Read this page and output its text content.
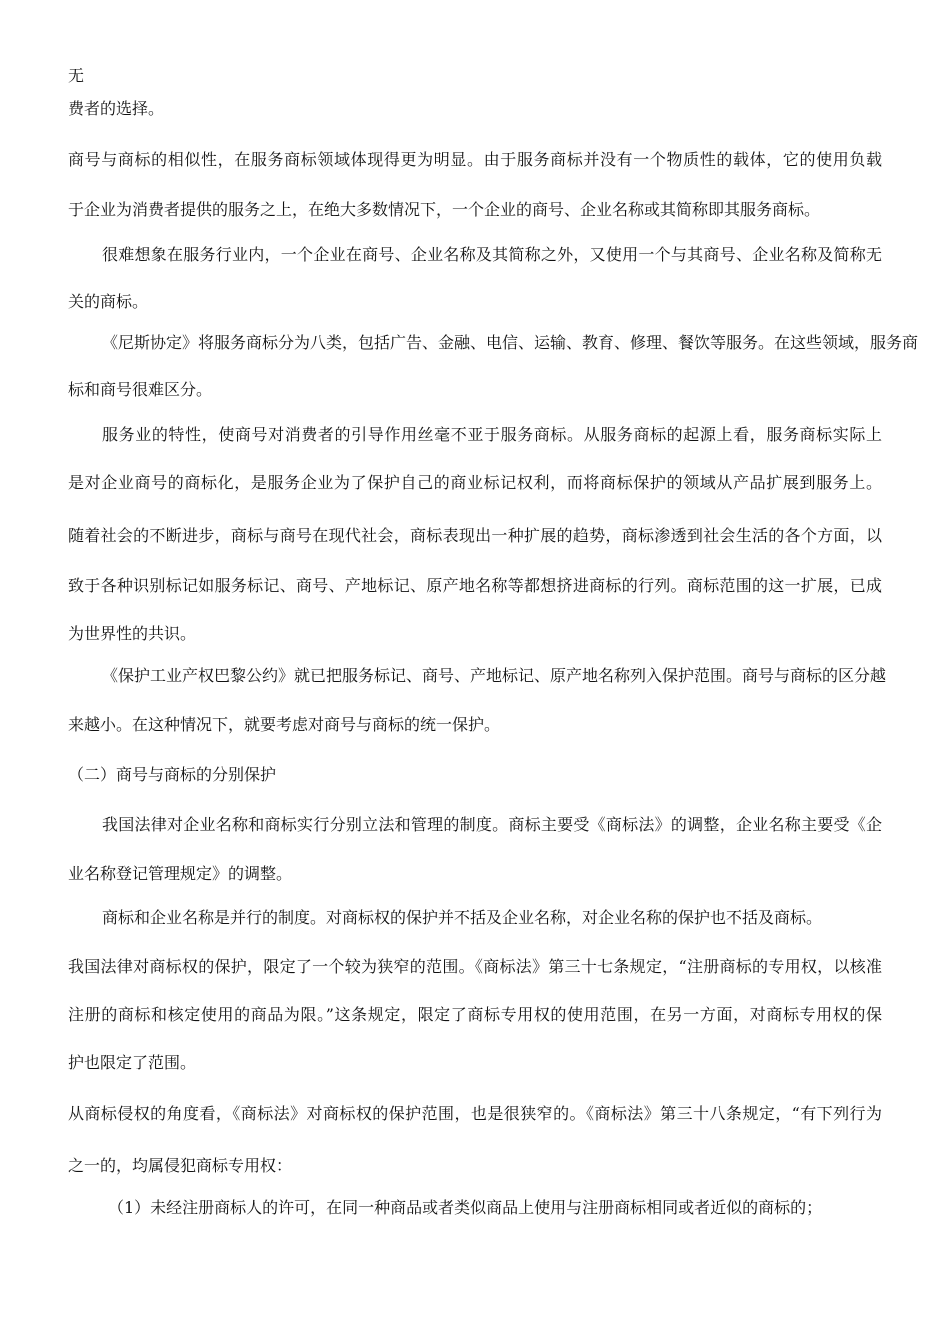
无
费者的选择。
商号与商标的相似性，在服务商标领域体现得更为明显。由于服务商标并没有一个物质性的载体，它的使用负载
于企业为消费者提供的服务之上，在绝大多数情况下，一个企业的商号、企业名称或其简称即其服务商标。
很难想象在服务行业内，一个企业在商号、企业名称及其简称之外，又使用一个与其商号、企业名称及简称无
关的商标。
《尼斯协定》将服务商标分为八类，包括广告、金融、电信、运输、教育、修理、餐饮等服务。在这些领域，服务商
标和商号很难区分。
服务业的特性，使商号对消费者的引导作用丝毫不亚于服务商标。从服务商标的起源上看，服务商标实际上
是对企业商号的商标化，是服务企业为了保护自己的商业标记权利，而将商标保护的领域从产品扩展到服务上。
随着社会的不断进步，商标与商号在现代社会，商标表现出一种扩展的趋势，商标渗透到社会生活的各个方面，以
致于各种识别标记如服务标记、商号、产地标记、原产地名称等都想挤进商标的行列。商标范围的这一扩展，已成
为世界性的共识。
《保护工业产权巴黎公约》就已把服务标记、商号、产地标记、原产地名称列入保护范围。商号与商标的区分越
来越小。在这种情况下，就要考虑对商号与商标的统一保护。
（二）商号与商标的分别保护
我国法律对企业名称和商标实行分别立法和管理的制度。商标主要受《商标法》的调整，企业名称主要受《企
业名称登记管理规定》的调整。
商标和企业名称是并行的制度。对商标权的保护并不括及企业名称，对企业名称的保护也不括及商标。
我国法律对商标权的保护，限定了一个较为狭窄的范围。《商标法》第三十七条规定，“注册商标的专用权，以核准
注册的商标和核定使用的商品为限。”这条规定，限定了商标专用权的使用范围，在另一方面，对商标专用权的保
护也限定了范围。
从商标侵权的角度看，《商标法》对商标权的保护范围，也是很狭窄的。《商标法》第三十八条规定，“有下列行为
之一的，均属侵犯商标专用权：
（1）未经注册商标人的许可，在同一种商品或者类似商品上使用与注册商标相同或者近似的商标的；
